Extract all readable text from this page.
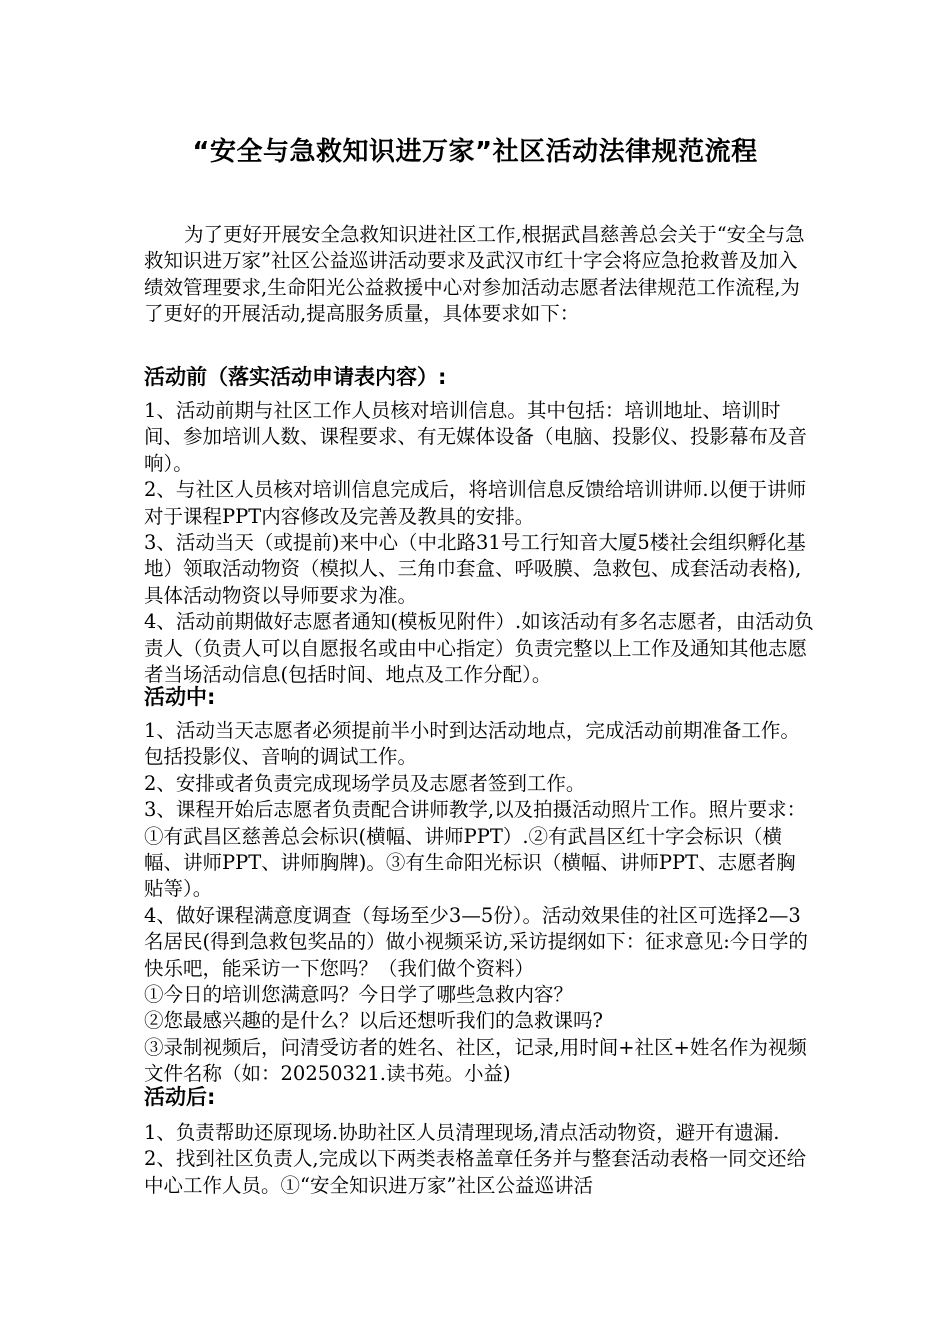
“安全与急救知识进万家”社区活动法律规范流程

为了更好开展安全急救知识进社区工作,根据武昌慈善总会关于“安全与急救知识进万家”社区公益巡讲活动要求及武汉市红十字会将应急抢救普及加入绩效管理要求,生命阳光公益救援中心对参加活动志愿者法律规范工作流程,为了更好的开展活动,提高服务质量，具体要求如下：

活动前（落实活动申请表内容）:

1、活动前期与社区工作人员核对培训信息。其中包括：培训地址、培训时间、参加培训人数、课程要求、有无媒体设备（电脑、投影仪、投影幕布及音响）。

2、与社区人员核对培训信息完成后，将培训信息反馈给培训讲师.以便于讲师对于课程PPT内容修改及完善及教具的安排。

3、活动当天（或提前)来中心（中北路31号工行知音大厦5楼社会组织孵化基地）领取活动物资（模拟人、三角巾套盒、呼吸膜、急救包、成套活动表格),具体活动物资以导师要求为准。

4、活动前期做好志愿者通知(模板见附件）.如该活动有多名志愿者，由活动负责人（负责人可以自愿报名或由中心指定）负责完整以上工作及通知其他志愿者当场活动信息(包括时间、地点及工作分配）。

活动中:

1、活动当天志愿者必须提前半小时到达活动地点，完成活动前期准备工作。包括投影仪、音响的调试工作。

2、安排或者负责完成现场学员及志愿者签到工作。

3、课程开始后志愿者负责配合讲师教学,以及拍摄活动照片工作。照片要求：①有武昌区慈善总会标识(横幅、讲师PPT）.②有武昌区红十字会标识（横幅、讲师PPT、讲师胸牌)。③有生命阳光标识（横幅、讲师PPT、志愿者胸贴等）。

4、做好课程满意度调查（每场至少3—5份）。活动效果佳的社区可选择2—3名居民(得到急救包奖品的）做小视频采访,采访提纲如下：征求意见:今日学的快乐吧，能采访一下您吗？（我们做个资料）

①今日的培训您满意吗？今日学了哪些急救内容？

②您最感兴趣的是什么？以后还想听我们的急救课吗?

③录制视频后，问清受访者的姓名、社区，记录,用时间+社区+姓名作为视频文件名称（如：20250321.读书苑。小益)

活动后:

1、负责帮助还原现场.协助社区人员清理现场,清点活动物资，避开有遗漏.

2、找到社区负责人,完成以下两类表格盖章任务并与整套活动表格一同交还给中心工作人员。①“安全知识进万家”社区公益巡讲活
